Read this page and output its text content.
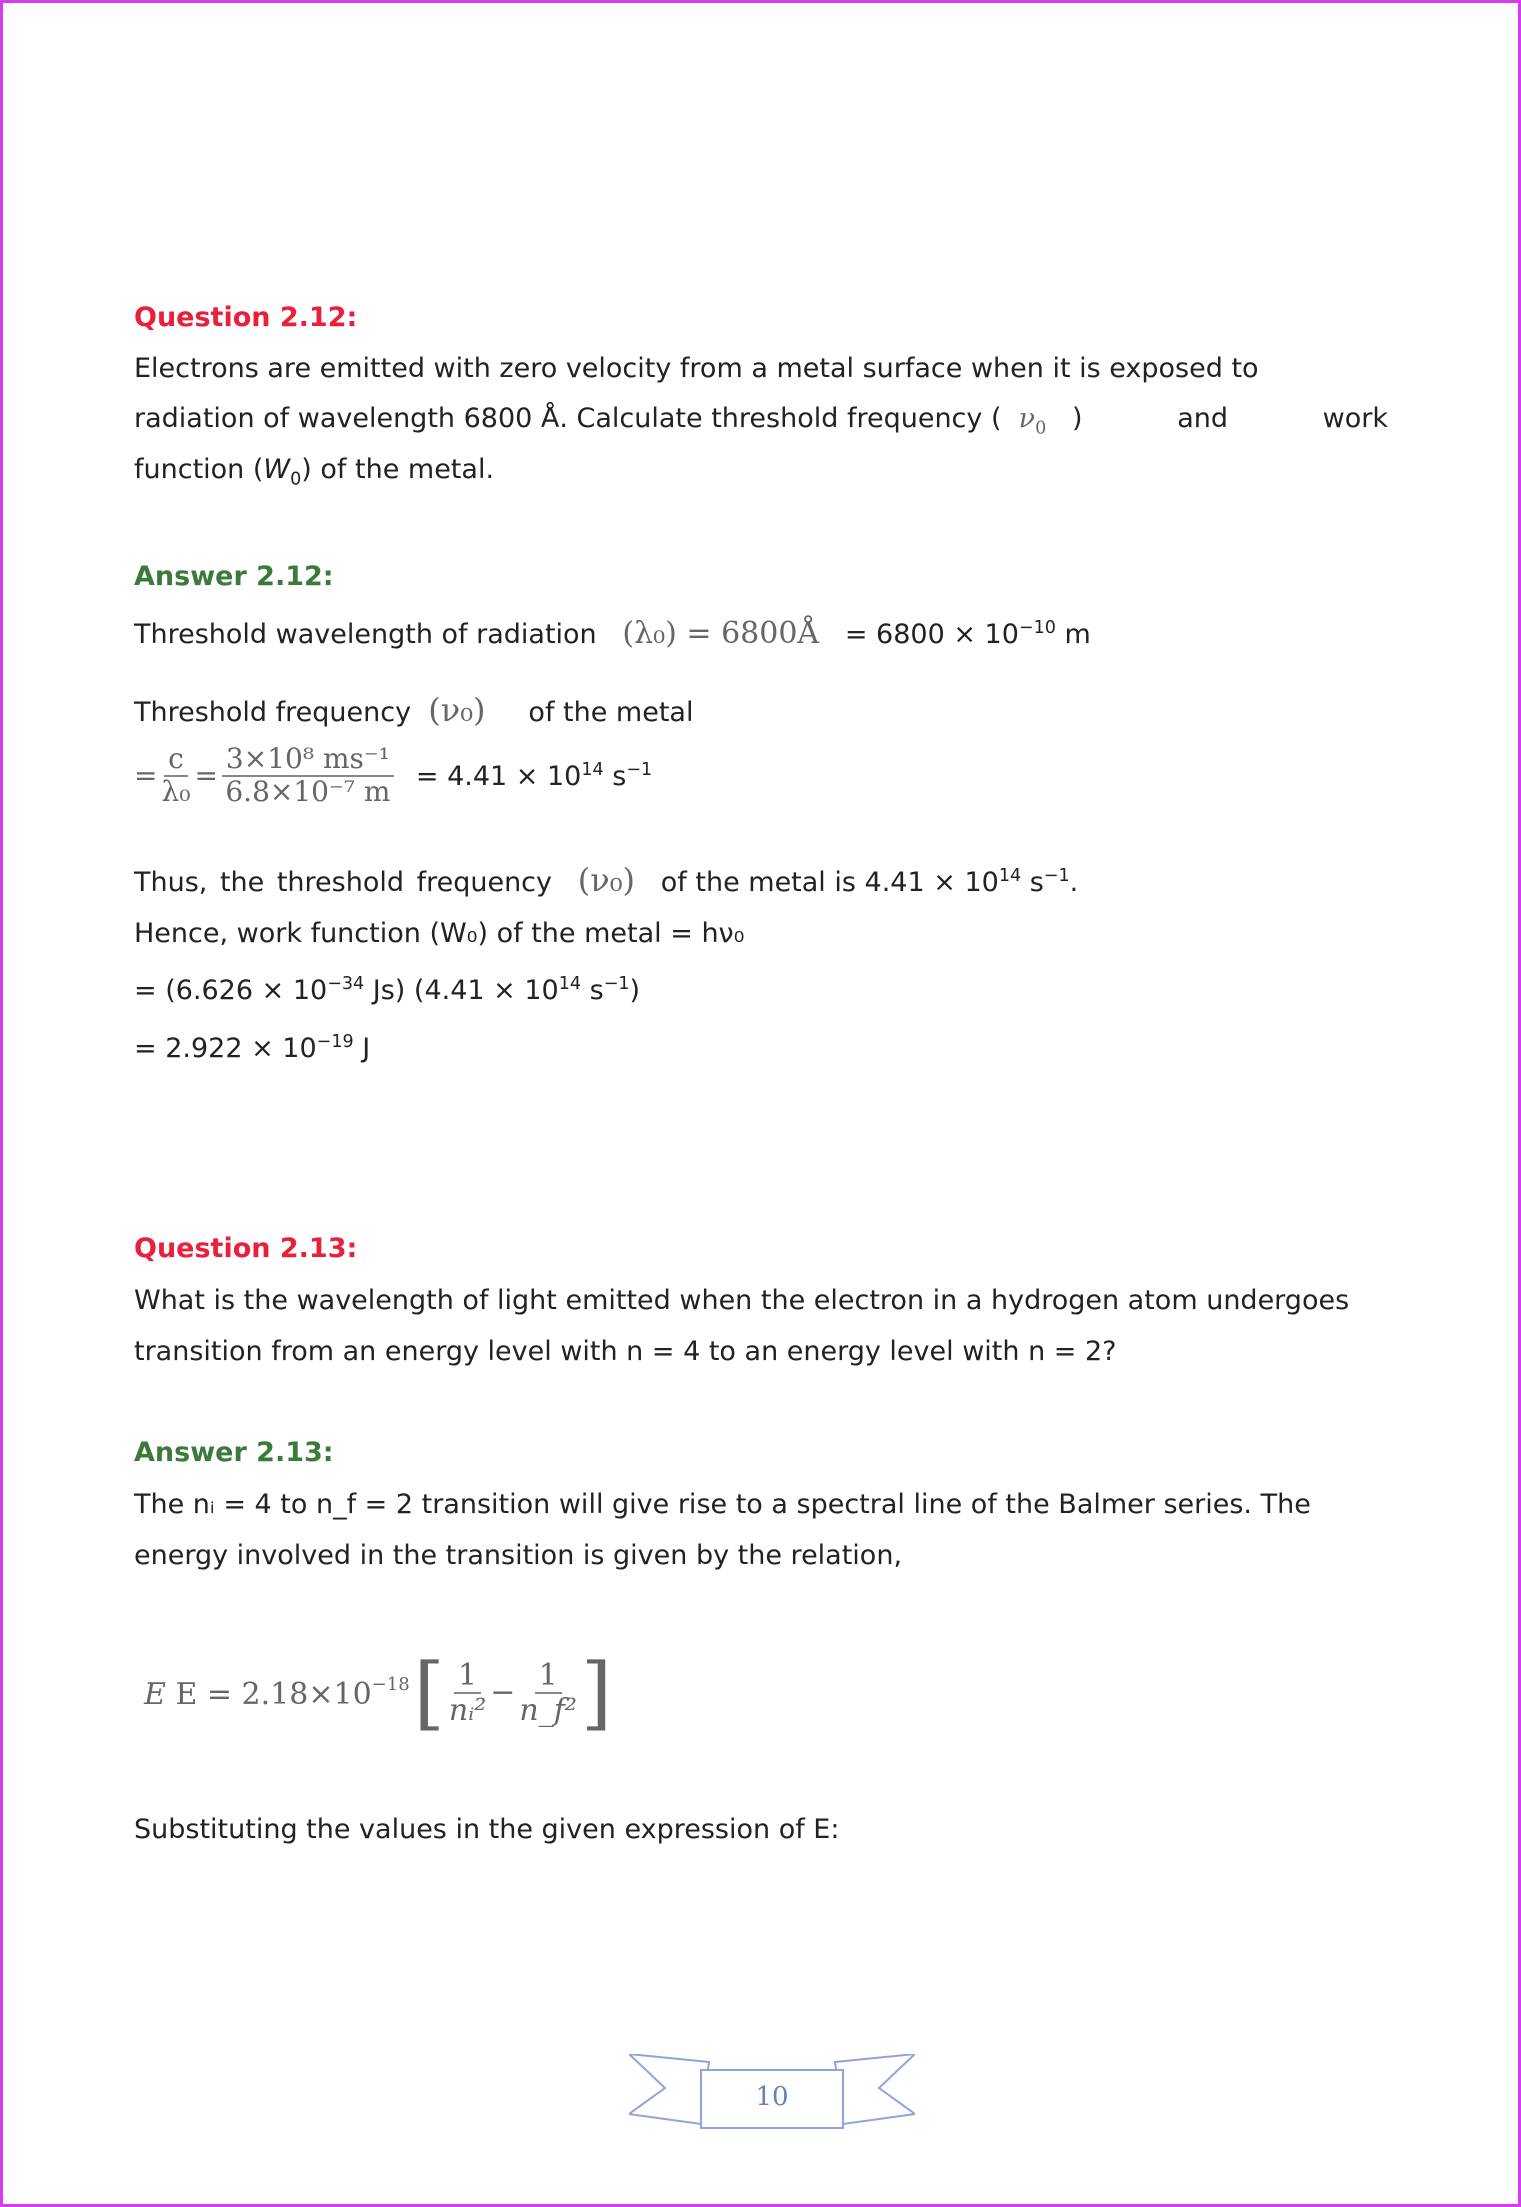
Question 2.12:
Electrons are emitted with zero velocity from a metal surface when it is exposed to
radiation of wavelength 6800 Å. Calculate threshold frequency ( $\nu_0$ )	and	work
function $(W_0)$ of the metal.
Answer 2.12:
Threshold wavelength of radiation (λ₀) = 6800Å = $6800 \times 10^{-10}$ m
Threshold frequency (ν₀) of the metal
= $\frac{c}{\text{λ₀}} = \frac{\text{3×10⁸ ms⁻¹}}{\text{6.8×10⁻⁷ m}} = 4.41 \times 10^{14}$ $s^{-1}$
Thus, the threshold frequency (ν₀) of the metal is $4.41 \times 10^{14}$ $s^{-1}$.
Hence, work function (W₀) of the metal = hν₀
= ($6.626 \times 10^{-34}$ Js) ($4.41 \times 10^{14}$ $s^{-1}$)
= $2.922 \times 10^{-19}$ J
Question 2.13:
What is the wavelength of light emitted when the electron in a hydrogen atom undergoes
transition from an energy level with n = 4 to an energy level with n = 2?
Answer 2.13:
The nᵢ = 4 to n_f = 2 transition will give rise to a spectral line of the Balmer series. The
energy involved in the transition is given by the relation,
E $E = 2.18\times 10^{-18}$ [ $\frac{1}{\text{nᵢ²}} - \frac{1}{\text{n\_f²}}$ ]
Substituting the values in the given expression of E:
10
